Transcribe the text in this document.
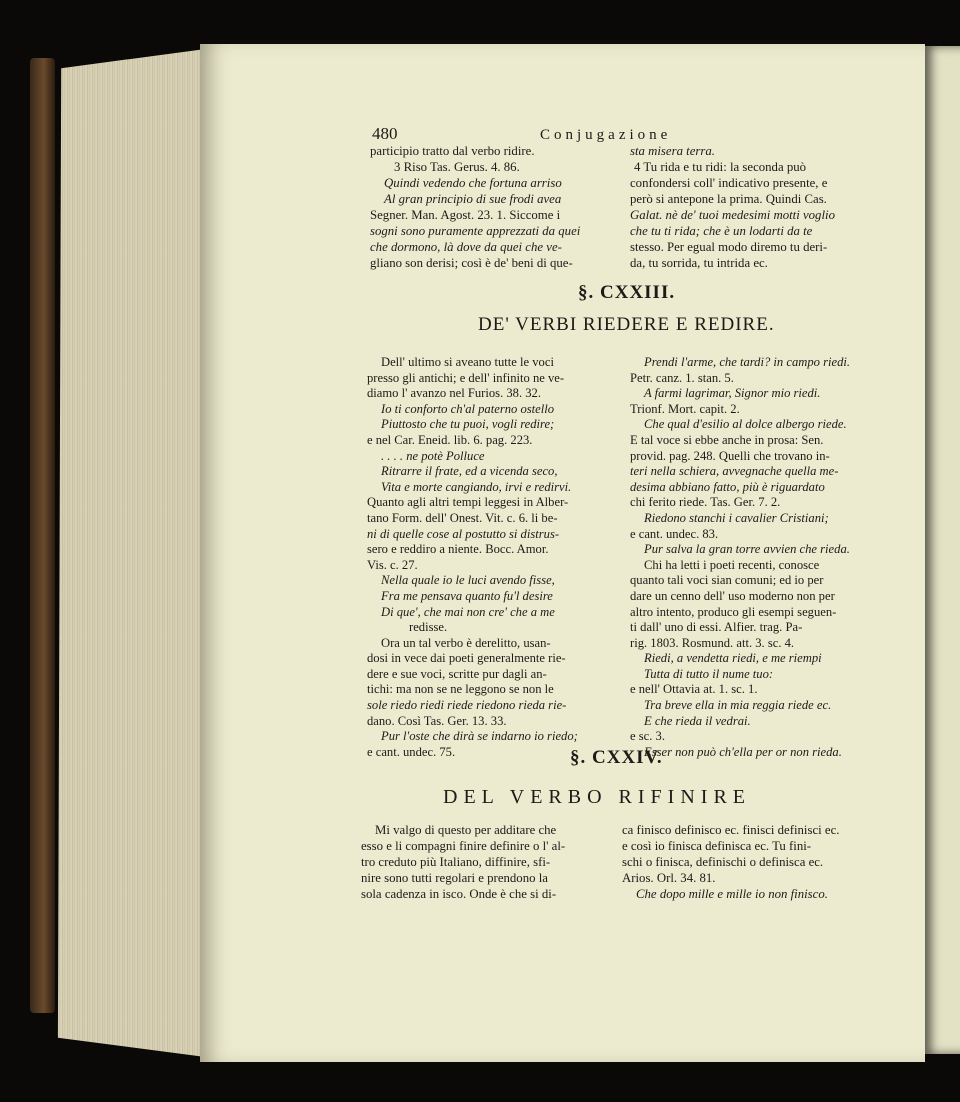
480	Conjugazione
participio tratto dal verbo ridire.
3 Riso Tas. Gerus. 4. 86.
Quindi vedendo che fortuna arriso
Al gran principio di sue frodi avea
Segner. Man. Agost. 23. 1. Siccome i
sogni sono puramente apprezzati da quei
che dormono, là dove da quei che ve-
gliano son derisi; così è de' beni di que-
sta misera terra.
4 Tu rida e tu ridi: la seconda può
confondersi coll' indicativo presente, e
però si antepone la prima. Quindi Cas.
Galat. nè de' tuoi medesimi motti voglio
che tu ti rida; che è un lodarti da te
stesso. Per egual modo diremo tu deri-
da, tu sorrida, tu intrida ec.
§. CXXIII.
DE' VERBI RIEDERE E REDIRE.
Dell' ultimo si aveano tutte le voci
presso gli antichi; e dell' infinito ne ve-
diamo l' avanzo nel Furios. 38. 32.
Io ti conforto ch'al paterno ostello
Piuttosto che tu puoi, vogli redire;
e nel Car. Eneid. lib. 6. pag. 223.
. . . . ne potè Polluce
Ritrarre il frate, ed a vicenda seco,
Vita e morte cangiando, irvi e redirvi.
Quanto agli altri tempi leggesi in Alber-
tano Form. dell' Onest. Vit. c. 6. li be-
ni di quelle cose al postutto si distrus-
sero e reddiro a niente. Bocc. Amor.
Vis. c. 27.
Nella quale io le luci avendo fisse,
Fra me pensava quanto fu'l desire
Di que', che mai non cre' che a me
redisse.
Ora un tal verbo è derelitto, usan-
dosi in vece dai poeti generalmente rie-
dere e sue voci, scritte pur dagli an-
tichi: ma non se ne leggono se non le
sole riedo riedi riede riedono rieda rie-
dano. Così Tas. Ger. 13. 33.
Pur l'oste che dirà se indarno io riedo;
e cant. undec. 75.
Prendi l'arme, che tardi? in campo riedi.
Petr. canz. 1. stan. 5.
A farmi lagrimar, Signor mio riedi.
Trionf. Mort. capit. 2.
Che qual d'esilio al dolce albergo riede.
E tal voce si ebbe anche in prosa: Sen.
provid. pag. 248. Quelli che trovano in-
teri nella schiera, avvegnache quella me-
desima abbiano fatto, più è riguardato
chi ferito riede. Tas. Ger. 7. 2.
Riedono stanchi i cavalier Cristiani;
e cant. undec. 83.
Pur salva la gran torre avvien che rieda.
Chi ha letti i poeti recenti, conosce
quanto tali voci sian comuni; ed io per
dare un cenno dell' uso moderno non per
altro intento, produco gli esempi seguen-
ti dall' uno di essi. Alfier. trag. Pa-
rig. 1803. Rosmund. att. 3. sc. 4.
Riedi, a vendetta riedi, e me riempi
Tutta di tutto il nume tuo:
e nell' Ottavia at. 1. sc. 1.
Tra breve ella in mia reggia riede ec.
E che rieda il vedrai.
e sc. 3.
Esser non può ch'ella per or non rieda.
§. CXXIV.
DEL VERBO RIFINIRE
Mi valgo di questo per additare che
esso e li compagni finire definire o l' al-
tro creduto più Italiano, diffinire, sfi-
nire sono tutti regolari e prendono la
sola cadenza in isco. Onde è che si di-
ca finisco definisco ec. finisci definisci ec.
e così io finisca definisca ec. Tu fini-
schi o finisca, definischi o definisca ec.
Arios. Orl. 34. 81.
Che dopo mille e mille io non finisco.
